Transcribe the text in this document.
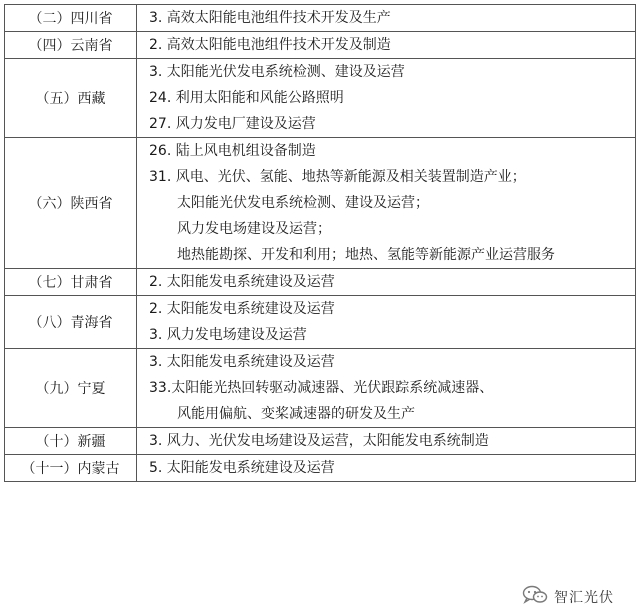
（二）四川省	3. 高效太阳能电池组件技术开发及生产

（四）云南省	2. 高效太阳能电池组件技术开发及制造

（五）西藏	3. 太阳能光伏发电系统检测、建设及运营
24. 利用太阳能和风能公路照明
27. 风力发电厂建设及运营

（六）陕西省	26. 陆上风电机组设备制造
31. 风电、光伏、氢能、地热等新能源及相关装置制造产业；
太阳能光伏发电系统检测、建设及运营；
风力发电场建设及运营；
地热能勘探、开发和利用；地热、氢能等新能源产业运营服务

（七）甘肃省	2. 太阳能发电系统建设及运营

（八）青海省	2. 太阳能发电系统建设及运营
3. 风力发电场建设及运营

（九）宁夏	3. 太阳能发电系统建设及运营
33.太阳能光热回转驱动减速器、光伏跟踪系统减速器、
风能用偏航、变桨减速器的研发及生产

（十）新疆	3. 风力、光伏发电场建设及运营，太阳能发电系统制造

（十一）内蒙古	5. 太阳能发电系统建设及运营
智汇光伏
